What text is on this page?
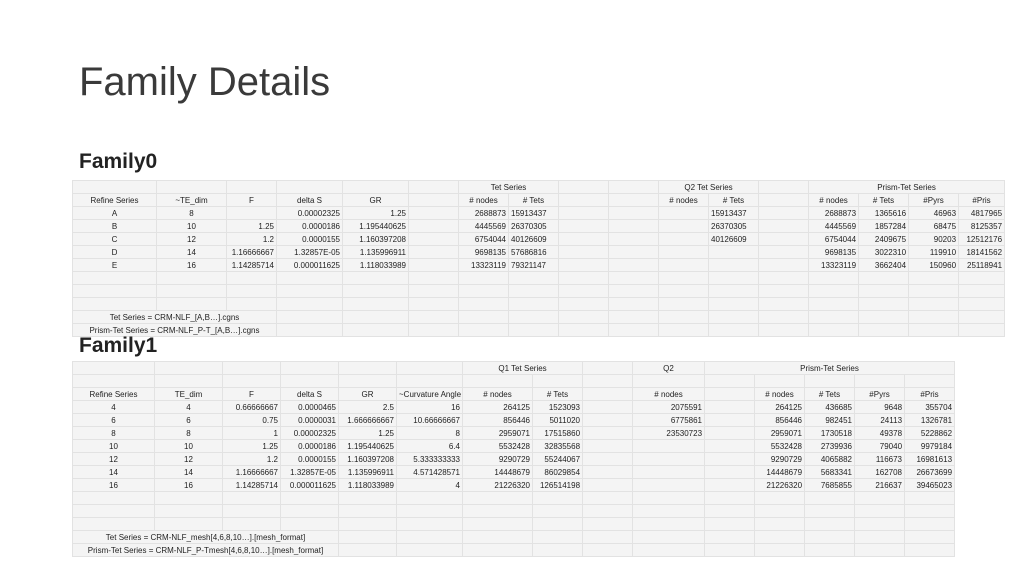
Family Details
Family0
						Tet Series				Q2 Tet Series			Prism-Tet Series				
Refine Series	~TE_dim	F	delta S	GR		# nodes	# Tets			# nodes	# Tets		# nodes	# Tets	#Pyrs	#Pris	
A	8		0.00002325	1.25		2688873	15913437				15913437		2688873	1365616	46963	4817965	
B	10	1.25	0.0000186	1.195440625		4445569	26370305				26370305		4445569	1857284	68475	8125357	
C	12	1.2	0.0000155	1.160397208		6754044	40126609				40126609		6754044	2409675	90203	12512176	
D	14	1.16666667	1.32857E-05	1.135996911		9698135	57686816						9698135	3022310	119910	18141562	
E	16	1.14285714	0.000011625	1.118033989		13323119	79321147						13323119	3662404	150960	25118941	

Tet Series = CRM-NLF_[A,B…].cgns																	
Prism-Tet Series = CRM-NLF_P-T_[A,B…].cgns																	
Family1
						Q1 Tet Series			Q2	Prism-Tet Series				

Refine Series	TE_dim	F	delta S	GR	~Curvature Angle	# nodes	# Tets		# nodes		# nodes	# Tets	#Pyrs	#Pris
4	4	0.66666667	0.0000465	2.5	16	264125	1523093		2075591		264125	436685	9648	355704
6	6	0.75	0.0000031	1.666666667	10.66666667	856446	5011020		6775861		856446	982451	24113	1326781
8	8	1	0.00002325	1.25	8	2959071	17515860		23530723		2959071	1730518	49378	5228862
10	10	1.25	0.0000186	1.195440625	6.4	5532428	32835568				5532428	2739936	79040	9979184
12	12	1.2	0.0000155	1.160397208	5.333333333	9290729	55244067				9290729	4065882	116673	16981613
14	14	1.16666667	1.32857E-05	1.135996911	4.571428571	14448679	86029854				14448679	5683341	162708	26673699
16	16	1.14285714	0.000011625	1.118033989	4	21226320	126514198				21226320	7685855	216637	39465023

Tet Series = CRM-NLF_mesh[4,6,8,10…].[mesh_format]														
Prism-Tet Series = CRM-NLF_P-Tmesh[4,6,8,10…].[mesh_format]														
